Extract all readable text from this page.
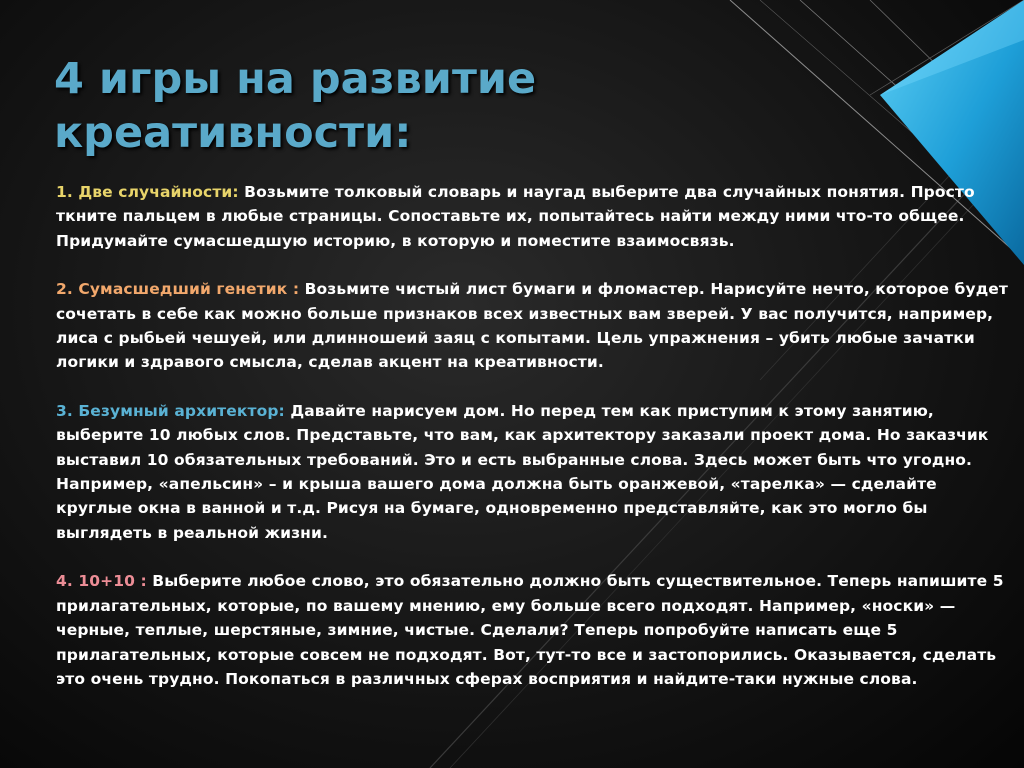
4 игры на развитие креативности:

1. Две случайности: Возьмите толковый словарь и наугад выберите два случайных понятия. Просто ткните пальцем в любые страницы. Сопоставьте их, попытайтесь найти между ними что-то общее. Придумайте сумасшедшую историю, в которую и поместите взаимосвязь.

2. Сумасшедший генетик : Возьмите чистый лист бумаги и фломастер. Нарисуйте нечто, которое будет сочетать в себе как можно больше признаков всех известных вам зверей. У вас получится, например, лиса с рыбьей чешуей, или длинношеий заяц с копытами. Цель упражнения – убить любые зачатки логики и здравого смысла, сделав акцент на креативности.

3. Безумный архитектор: Давайте нарисуем дом. Но перед тем как приступим к этому занятию, выберите 10 любых слов. Представьте, что вам, как архитектору заказали проект дома. Но заказчик выставил 10 обязательных требований. Это и есть выбранные слова. Здесь может быть что угодно. Например, «апельсин» – и крыша вашего дома должна быть оранжевой, «тарелка» — сделайте круглые окна в ванной и т.д. Рисуя на бумаге, одновременно представляйте, как это могло бы выглядеть в реальной жизни.

4. 10+10 : Выберите любое слово, это обязательно должно быть существительное. Теперь напишите 5 прилагательных, которые, по вашему мнению, ему больше всего подходят. Например, «носки» — черные, теплые, шерстяные, зимние, чистые. Сделали? Теперь попробуйте написать еще 5 прилагательных, которые совсем не подходят. Вот, тут-то все и застопорились. Оказывается, сделать это очень трудно. Покопаться в различных сферах восприятия и найдите-таки нужные слова.
